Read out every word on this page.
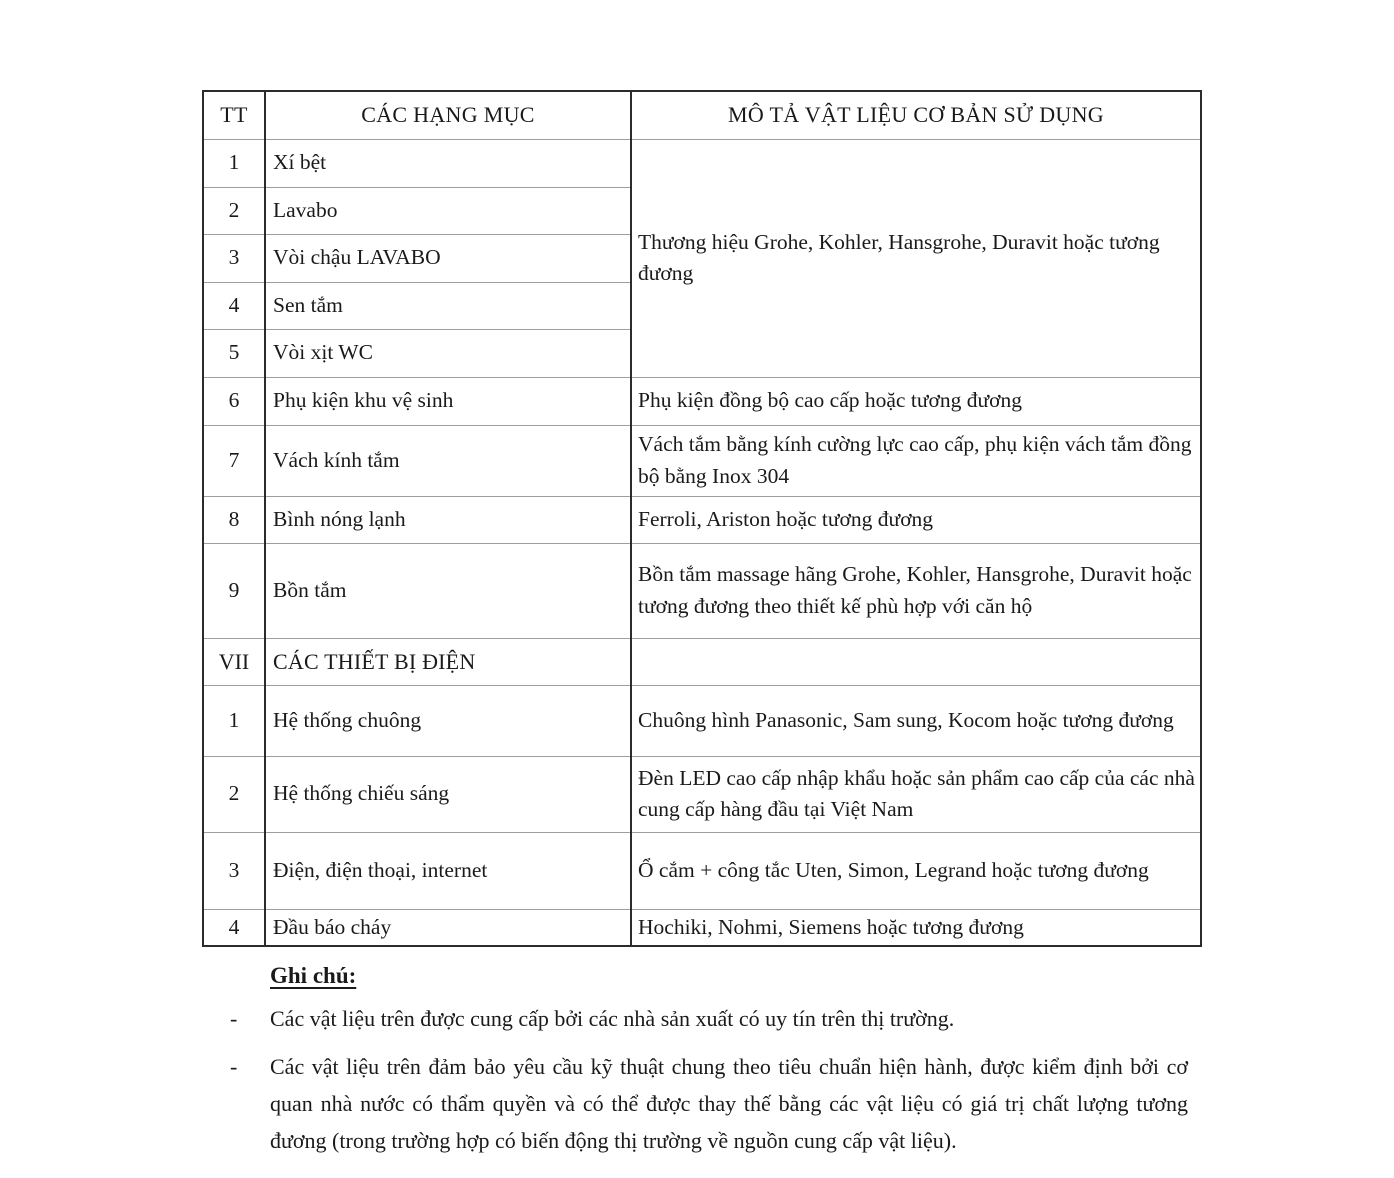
TT	CÁC HẠNG MỤC	MÔ TẢ VẬT LIỆU CƠ BẢN SỬ DỤNG
1	Xí bệt	Thương hiệu Grohe, Kohler, Hansgrohe, Duravit hoặc tương đương
2	Lavabo	
3	Vòi chậu LAVABO	
4	Sen tắm	
5	Vòi xịt WC	
6	Phụ kiện khu vệ sinh	Phụ kiện đồng bộ cao cấp hoặc tương đương
7	Vách kính tắm	Vách tắm bằng kính cường lực cao cấp, phụ kiện vách tắm đồng bộ bằng Inox 304
8	Bình nóng lạnh	Ferroli, Ariston hoặc tương đương
9	Bồn tắm	Bồn tắm massage hãng Grohe, Kohler, Hansgrohe, Duravit hoặc tương đương theo thiết kế phù hợp với căn hộ
VII	CÁC THIẾT BỊ ĐIỆN	
1	Hệ thống chuông	Chuông hình Panasonic, Sam sung, Kocom hoặc tương đương
2	Hệ thống chiếu sáng	Đèn LED cao cấp nhập khẩu hoặc sản phẩm cao cấp của các nhà cung cấp hàng đầu tại Việt Nam
3	Điện, điện thoại, internet	Ổ cắm + công tắc Uten, Simon, Legrand hoặc tương đương
4	Đầu báo cháy	Hochiki, Nohmi, Siemens hoặc tương đương
Ghi chú:
-	Các vật liệu trên được cung cấp bởi các nhà sản xuất có uy tín trên thị trường.
-	Các vật liệu trên đảm bảo yêu cầu kỹ thuật chung theo tiêu chuẩn hiện hành, được kiểm định bởi cơ quan nhà nước có thẩm quyền và có thể được thay thế bằng các vật liệu có giá trị chất lượng tương đương (trong trường hợp có biến động thị trường về nguồn cung cấp vật liệu).
